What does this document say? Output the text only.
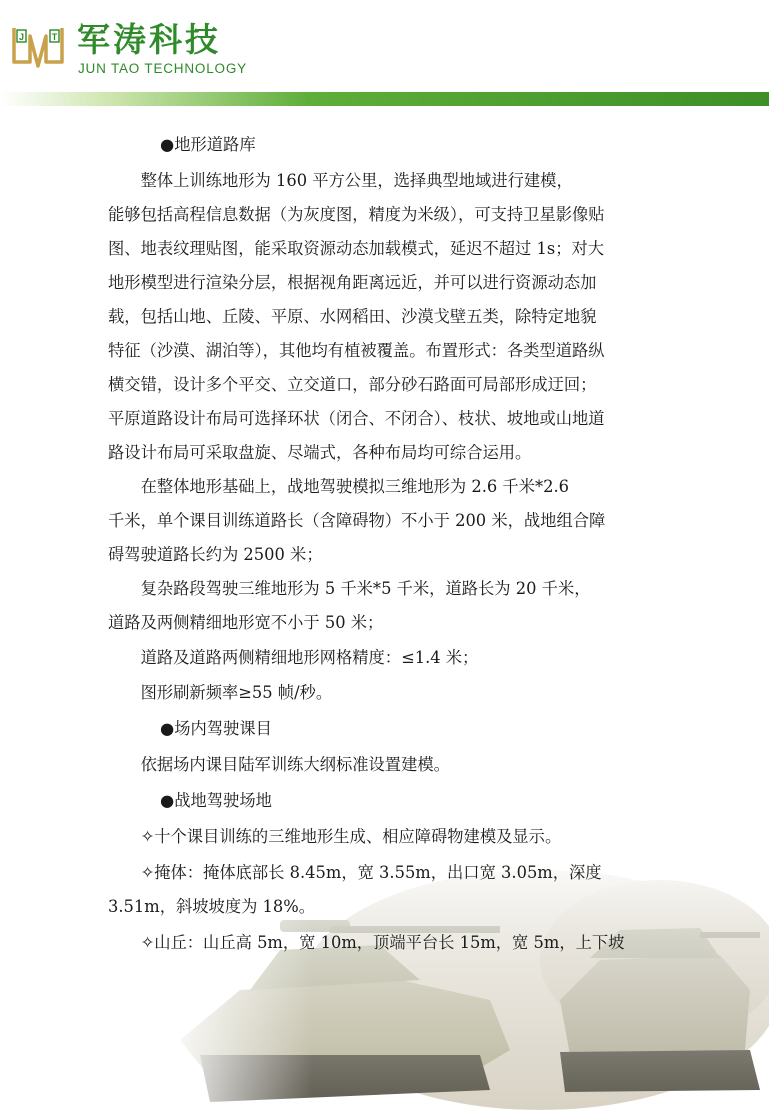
J	T 军涛科技
JUN TAO TECHNOLOGY
●地形道路库
　　整体上训练地形为 160 平方公里，选择典型地域进行建模，
能够包括高程信息数据（为灰度图，精度为米级），可支持卫星影像贴
图、地表纹理贴图，能采取资源动态加载模式，延迟不超过 1s；对大
地形模型进行渲染分层，根据视角距离远近，并可以进行资源动态加
载，包括山地、丘陵、平原、水网稻田、沙漠戈壁五类，除特定地貌
特征（沙漠、湖泊等），其他均有植被覆盖。布置形式：各类型道路纵
横交错，设计多个平交、立交道口，部分砂石路面可局部形成迂回；
平原道路设计布局可选择环状（闭合、不闭合）、枝状、坡地或山地道
路设计布局可采取盘旋、尽端式，各种布局均可综合运用。
　　在整体地形基础上，战地驾驶模拟三维地形为 2.6 千米*2.6
千米，单个课目训练道路长（含障碍物）不小于 200 米，战地组合障
碍驾驶道路长约为 2500 米；
　　复杂路段驾驶三维地形为 5 千米*5 千米，道路长为 20 千米，
道路及两侧精细地形宽不小于 50 米；
　　道路及道路两侧精细地形网格精度：≤1.4 米；
　　图形刷新频率≥55 帧/秒。
●场内驾驶课目
　　依据场内课目陆军训练大纲标准设置建模。
●战地驾驶场地
　　✧十个课目训练的三维地形生成、相应障碍物建模及显示。
　　✧掩体：掩体底部长 8.45m，宽 3.55m，出口宽 3.05m，深度
3.51m，斜坡坡度为 18%。
　　✧山丘：山丘高 5m，宽 10m，顶端平台长 15m，宽 5m，上下坡
